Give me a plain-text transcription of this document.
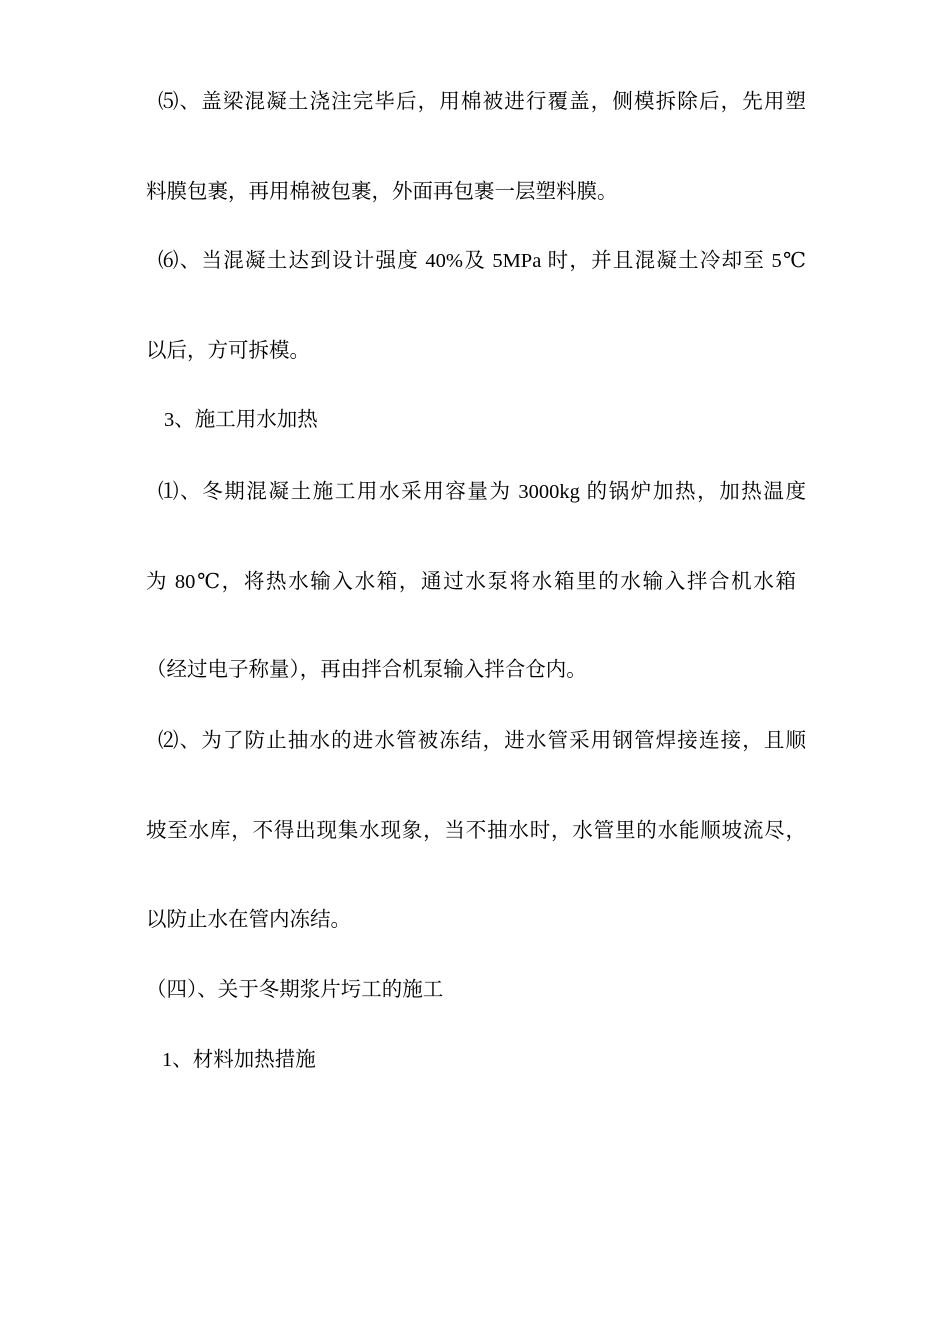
⑸、盖梁混凝土浇注完毕后，用棉被进行覆盖，侧模拆除后，先用塑
料膜包裹，再用棉被包裹，外面再包裹一层塑料膜。
⑹、当混凝土达到设计强度 40%及 5MPa 时，并且混凝土冷却至 5℃
以后，方可拆模。
3、施工用水加热
⑴、冬期混凝土施工用水采用容量为 3000kg 的锅炉加热，加热温度
为 80℃，将热水输入水箱，通过水泵将水箱里的水输入拌合机水箱
（经过电子称量），再由拌合机泵输入拌合仓内。
⑵、为了防止抽水的进水管被冻结，进水管采用钢管焊接连接，且顺
坡至水库，不得出现集水现象，当不抽水时，水管里的水能顺坡流尽，
以防止水在管内冻结。
（四）、关于冬期浆片圬工的施工
1、材料加热措施
